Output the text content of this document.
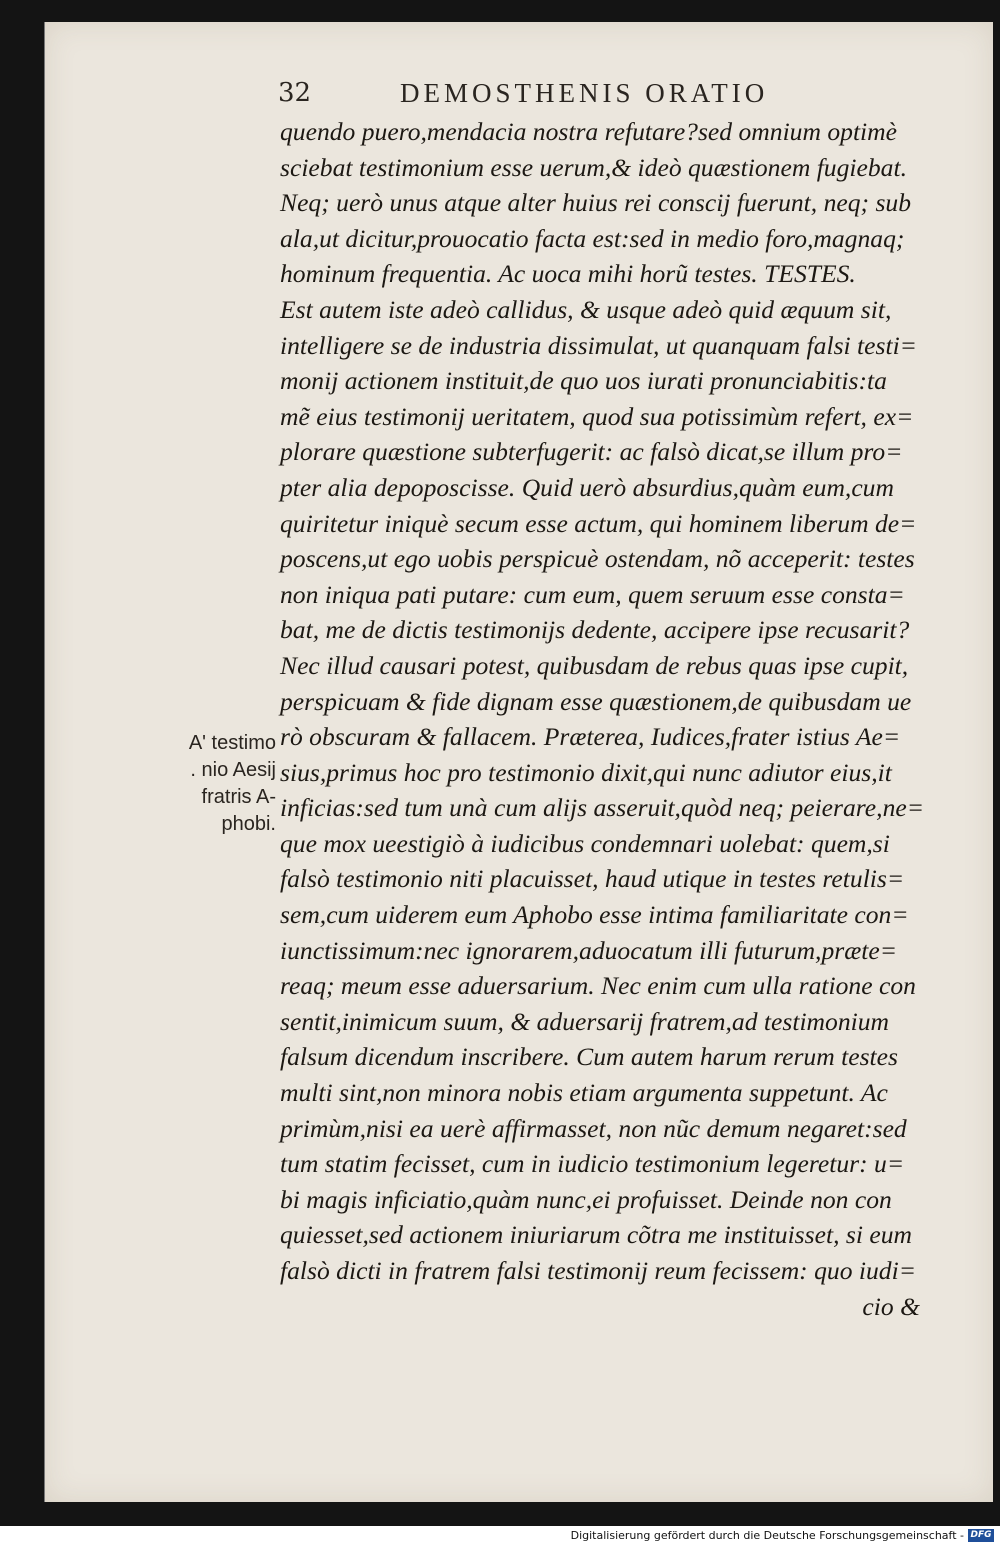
32	DEMOSTHENIS ORATIO
quendo puero,mendacia nostra refutare?sed omnium optimè
sciebat testimonium esse uerum,& ideò quæstionem fugiebat.
Neq; uerò unus atque alter huius rei conscij fuerunt, neq; sub
ala,ut dicitur,prouocatio facta est:sed in medio foro,magnaq;
hominum frequentia. Ac uoca mihi horũ testes. TESTES.
Est autem iste adeò callidus, & usque adeò quid æquum sit,
intelligere se de industria dissimulat, ut quanquam falsi testi=
monij actionem instituit,de quo uos iurati pronunciabitis:ta
mẽ eius testimonij ueritatem, quod sua potissimùm refert, ex=
plorare quæstione subterfugerit: ac falsò dicat,se illum pro=
pter alia depoposcisse. Quid uerò absurdius,quàm eum,cum
quiritetur iniquè secum esse actum, qui hominem liberum de=
poscens,ut ego uobis perspicuè ostendam, nõ acceperit: testes
non iniqua pati putare: cum eum, quem seruum esse consta=
bat, me de dictis testimonijs dedente, accipere ipse recusarit?
Nec illud causari potest, quibusdam de rebus quas ipse cupit,
perspicuam & fide dignam esse quæstionem,de quibusdam ue
rò obscuram & fallacem. Præterea, Iudices,frater istius Ae=
sius,primus hoc pro testimonio dixit,qui nunc adiutor eius,it
inficias:sed tum unà cum alijs asseruit,quòd neq; peierare,ne=
que mox ueestigiò à iudicibus condemnari uolebat: quem,si
falsò testimonio niti placuisset, haud utique in testes retulis=
sem,cum uiderem eum Aphobo esse intima familiaritate con=
iunctissimum:nec ignorarem,aduocatum illi futurum,præte=
reaq; meum esse aduersarium. Nec enim cum ulla ratione con
sentit,inimicum suum, & aduersarij fratrem,ad testimonium
falsum dicendum inscribere. Cum autem harum rerum testes
multi sint,non minora nobis etiam argumenta suppetunt. Ac
primùm,nisi ea uerè affirmasset, non nũc demum negaret:sed
tum statim fecisset, cum in iudicio testimonium legeretur: u=
bi magis inficiatio,quàm nunc,ei profuisset. Deinde non con
quiesset,sed actionem iniuriarum cõtra me instituisset, si eum
falsò dicti in fratrem falsi testimonij reum fecissem: quo iudi=
cio &
A' testimo
. nio Aesij
fratris A-
phobi.
Digitalisierung gefördert durch die Deutsche Forschungsgemeinschaft - DFG
